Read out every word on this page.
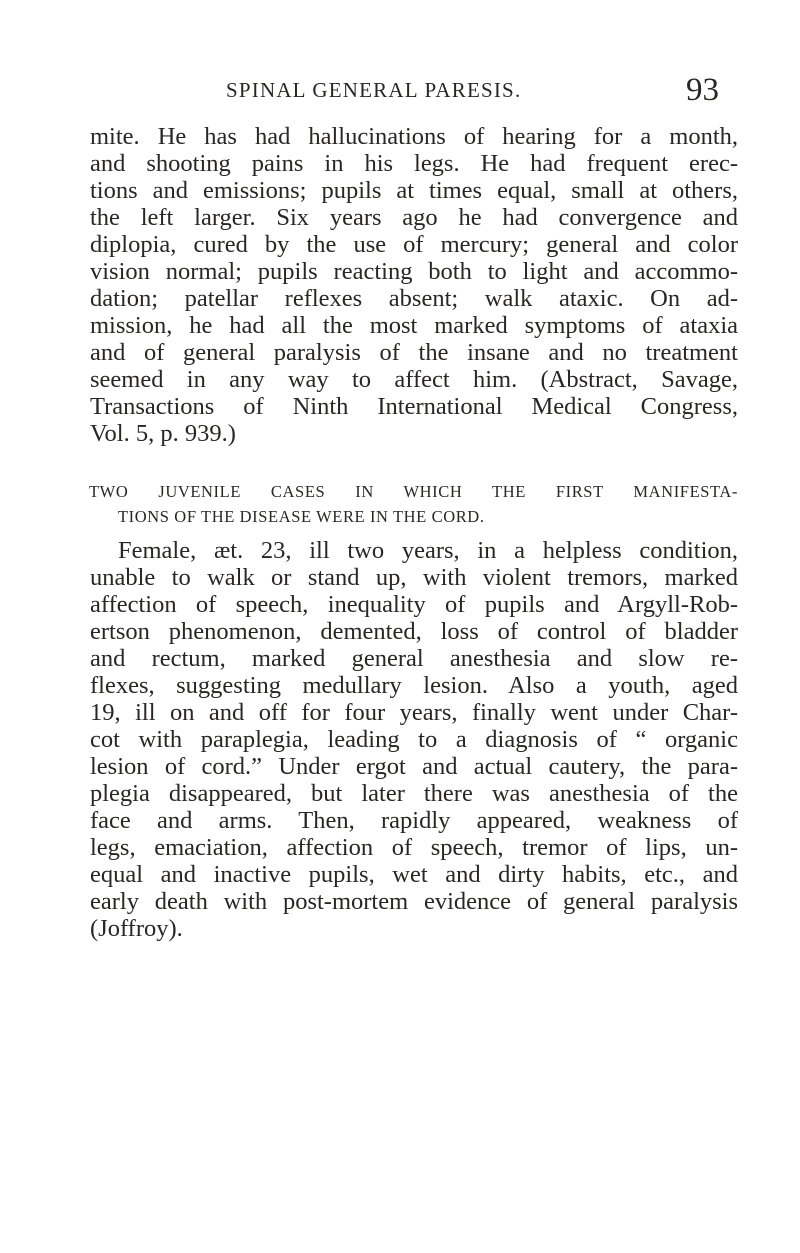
SPINAL GENERAL PARESIS.	93
mite. He has had hallucinations of hearing for a month,
and shooting pains in his legs. He had frequent erec-
tions and emissions; pupils at times equal, small at others,
the left larger. Six years ago he had convergence and
diplopia, cured by the use of mercury; general and color
vision normal; pupils reacting both to light and accommo-
dation; patellar reflexes absent; walk ataxic. On ad-
mission, he had all the most marked symptoms of ataxia
and of general paralysis of the insane and no treatment
seemed in any way to affect him. (Abstract, Savage,
Transactions of Ninth International Medical Congress,
Vol. 5, p. 939.)
TWO JUVENILE CASES IN WHICH THE FIRST MANIFESTA-
TIONS OF THE DISEASE WERE IN THE CORD.
Female, æt. 23, ill two years, in a helpless condition,
unable to walk or stand up, with violent tremors, marked
affection of speech, inequality of pupils and Argyll-Rob-
ertson phenomenon, demented, loss of control of bladder
and rectum, marked general anesthesia and slow re-
flexes, suggesting medullary lesion. Also a youth, aged
19, ill on and off for four years, finally went under Char-
cot with paraplegia, leading to a diagnosis of “ organic
lesion of cord.” Under ergot and actual cautery, the para-
plegia disappeared, but later there was anesthesia of the
face and arms. Then, rapidly appeared, weakness of
legs, emaciation, affection of speech, tremor of lips, un-
equal and inactive pupils, wet and dirty habits, etc., and
early death with post-mortem evidence of general paralysis
(Joffroy).
